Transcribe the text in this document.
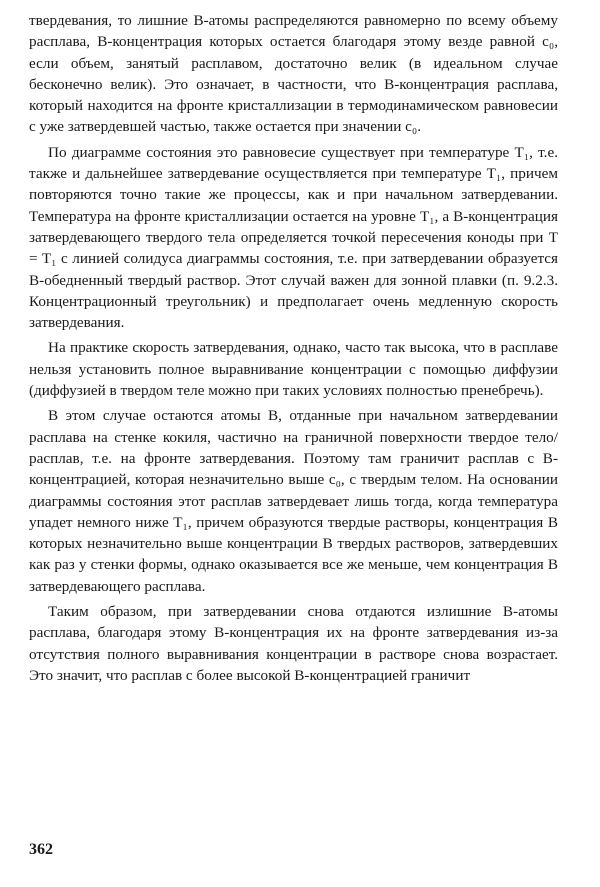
твердевания, то лишние B-атомы распределяются равномерно по всему объему расплава, B-концентрация которых остается благодаря этому везде равной c₀, если объем, занятый расплавом, достаточно велик (в идеальном случае бесконечно велик). Это означает, в частности, что B-концентрация расплава, который находится на фронте кристаллизации в термодинамическом равновесии с уже затвердевшей частью, также остается при значении c₀.

По диаграмме состояния это равновесие существует при температуре T₁, т.е. также и дальнейшее затвердевание осуществляется при температуре T₁, причем повторяются точно такие же процессы, как и при начальном затвердевании. Температура на фронте кристаллизации остается на уровне T₁, а B-концентрация затвердевающего твердого тела определяется точкой пересечения коноды при T = T₁ с линией солидуса диаграммы состояния, т.е. при затвердевании образуется B-обедненный твердый раствор. Этот случай важен для зонной плавки (п. 9.2.3. Концентрационный треугольник) и предполагает очень медленную скорость затвердевания.

На практике скорость затвердевания, однако, часто так высока, что в расплаве нельзя установить полное выравнивание концентрации с помощью диффузии (диффузией в твердом теле можно при таких условиях полностью пренебречь).

В этом случае остаются атомы B, отданные при начальном затвердевании расплава на стенке кокиля, частично на граничной поверхности твердое тело/расплав, т.е. на фронте затвердевания. Поэтому там граничит расплав с B-концентрацией, которая незначительно выше c₀, с твердым телом. На основании диаграммы состояния этот расплав затвердевает лишь тогда, когда температура упадет немного ниже T₁, причем образуются твердые растворы, концентрация B которых незначительно выше концентрации B твердых растворов, затвердевших как раз у стенки формы, однако оказывается все же меньше, чем концентрация B затвердевающего расплава.

Таким образом, при затвердевании снова отдаются излишние B-атомы расплава, благодаря этому B-концентрация их на фронте затвердевания из-за отсутствия полного выравнивания концентрации в растворе снова возрастает. Это значит, что расплав с более высокой B-концентрацией граничит

362
